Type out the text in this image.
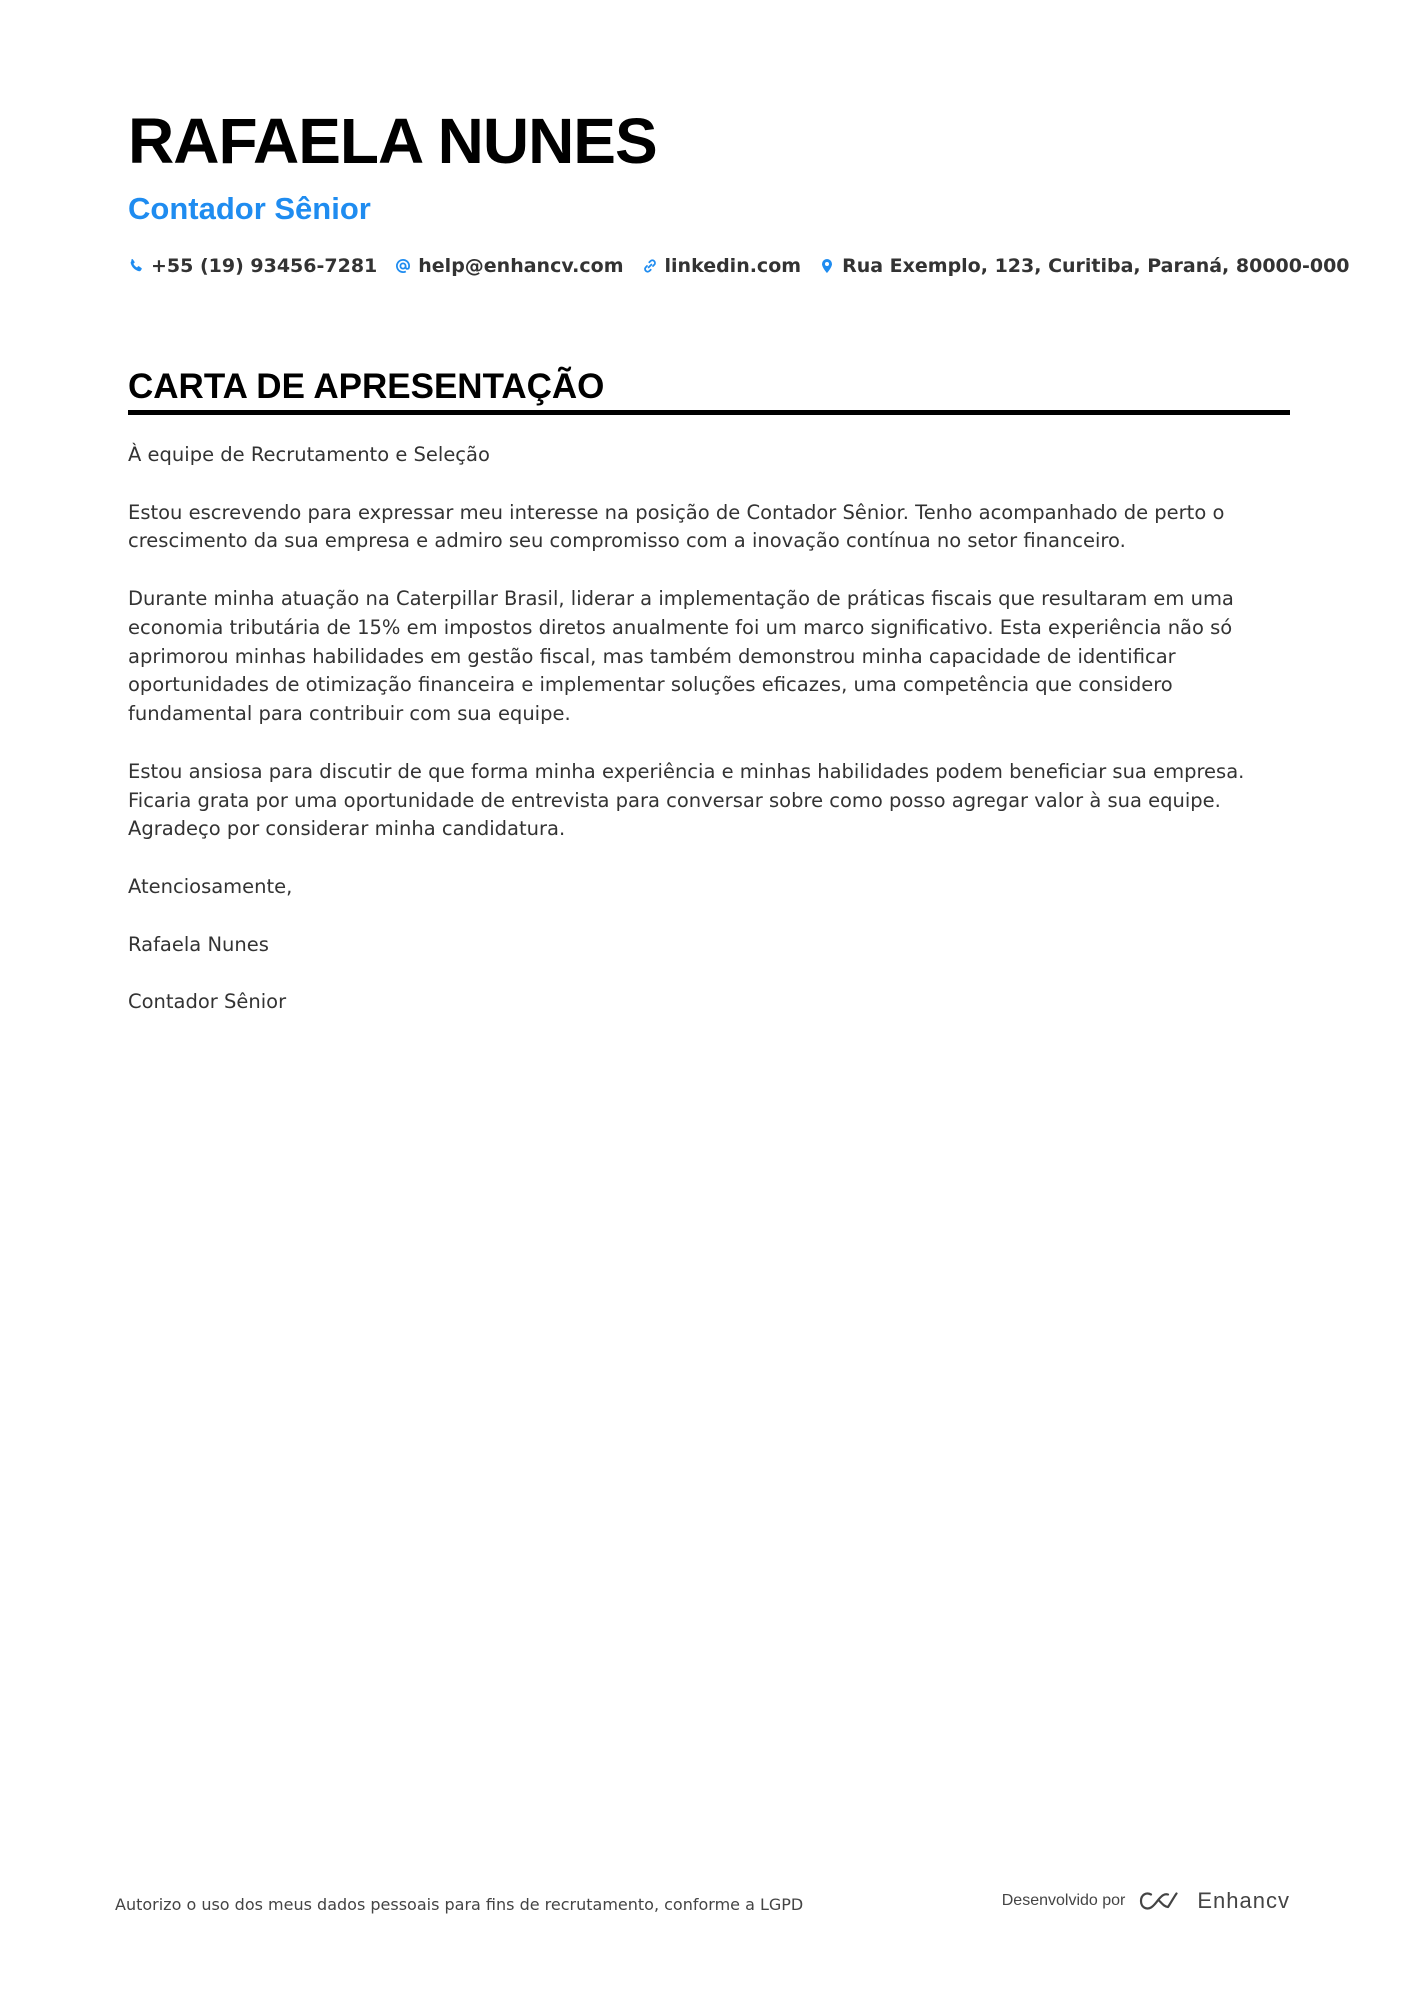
RAFAELA NUNES
Contador Sênior
+55 (19) 93456-7281 help@enhancv.com linkedin.com Rua Exemplo, 123, Curitiba, Paraná, 80000-000
CARTA DE APRESENTAÇÃO

À equipe de Recrutamento e Seleção

Estou escrevendo para expressar meu interesse na posição de Contador Sênior. Tenho acompanhado de perto o crescimento da sua empresa e admiro seu compromisso com a inovação contínua no setor financeiro.

Durante minha atuação na Caterpillar Brasil, liderar a implementação de práticas fiscais que resultaram em uma economia tributária de 15% em impostos diretos anualmente foi um marco significativo. Esta experiência não só aprimorou minhas habilidades em gestão fiscal, mas também demonstrou minha capacidade de identificar oportunidades de otimização financeira e implementar soluções eficazes, uma competência que considero fundamental para contribuir com sua equipe.

Estou ansiosa para discutir de que forma minha experiência e minhas habilidades podem beneficiar sua empresa. Ficaria grata por uma oportunidade de entrevista para conversar sobre como posso agregar valor à sua equipe. Agradeço por considerar minha candidatura.

Atenciosamente,

Rafaela Nunes

Contador Sênior

Autorizo o uso dos meus dados pessoais para fins de recrutamento, conforme a LGPD	Desenvolvido por	Enhancv
